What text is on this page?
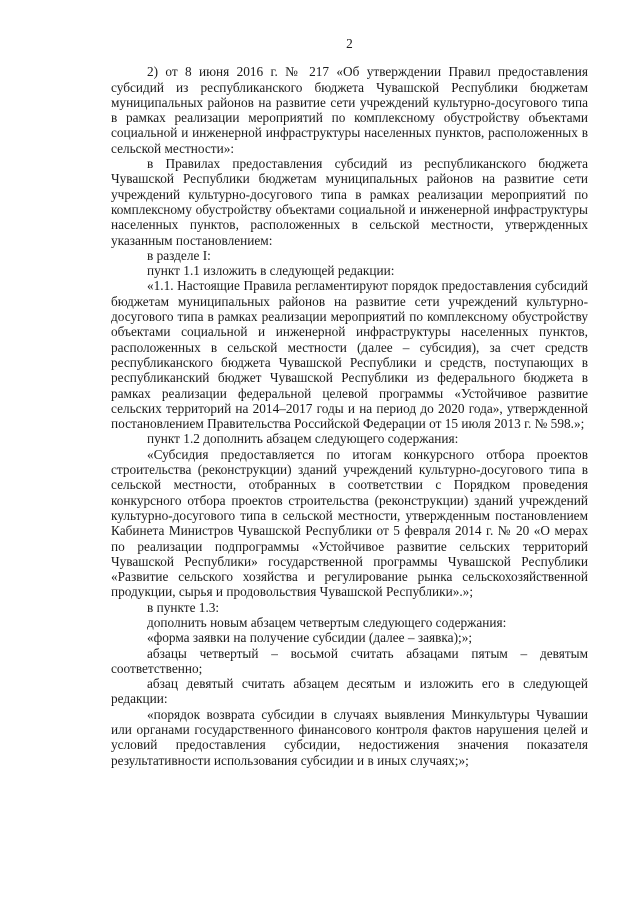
2

2) от 8 июня 2016 г. № 217 «Об утверждении Правил предоставления субсидий из республиканского бюджета Чувашской Республики бюджетам муниципальных районов на развитие сети учреждений культурно-досугового типа в рамках реализации мероприятий по комплексному обустройству объектами социальной и инженерной инфраструктуры населенных пунктов, расположенных в сельской местности»:

в Правилах предоставления субсидий из республиканского бюджета Чувашской Республики бюджетам муниципальных районов на развитие сети учреждений культурно-досугового типа в рамках реализации мероприятий по комплексному обустройству объектами социальной и инженерной инфраструктуры населенных пунктов, расположенных в сельской местности, утвержденных указанным постановлением:

в разделе I:

пункт 1.1 изложить в следующей редакции:

«1.1. Настоящие Правила регламентируют порядок предоставления субсидий бюджетам муниципальных районов на развитие сети учреждений культурно-досугового типа в рамках реализации мероприятий по комплексному обустройству объектами социальной и инженерной инфраструктуры населенных пунктов, расположенных в сельской местности (далее – субсидия), за счет средств республиканского бюджета Чувашской Республики и средств, поступающих в республиканский бюджет Чувашской Республики из федерального бюджета в рамках реализации федеральной целевой программы «Устойчивое развитие сельских территорий на 2014–2017 годы и на период до 2020 года», утвержденной постановлением Правительства Российской Федерации от 15 июля 2013 г. № 598.»;

пункт 1.2 дополнить абзацем следующего содержания:

«Субсидия предоставляется по итогам конкурсного отбора проектов строительства (реконструкции) зданий учреждений культурно-досугового типа в сельской местности, отобранных в соответствии с Порядком проведения конкурсного отбора проектов строительства (реконструкции) зданий учреждений культурно-досугового типа в сельской местности, утвержденным постановлением Кабинета Министров Чувашской Республики от 5 февраля 2014 г. № 20 «О мерах по реализации подпрограммы «Устойчивое развитие сельских территорий Чувашской Республики» государственной программы Чувашской Республики «Развитие сельского хозяйства и регулирование рынка сельскохозяйственной продукции, сырья и продовольствия Чувашской Республики».»;

в пункте 1.3:

дополнить новым абзацем четвертым следующего содержания:

«форма заявки на получение субсидии (далее – заявка);»;

абзацы четвертый – восьмой считать абзацами пятым – девятым соответственно;

абзац девятый считать абзацем десятым и изложить его в следующей редакции:

«порядок возврата субсидии в случаях выявления Минкультуры Чувашии или органами государственного финансового контроля фактов нарушения целей и условий предоставления субсидии, недостижения значения показателя результативности использования субсидии и в иных случаях;»;
